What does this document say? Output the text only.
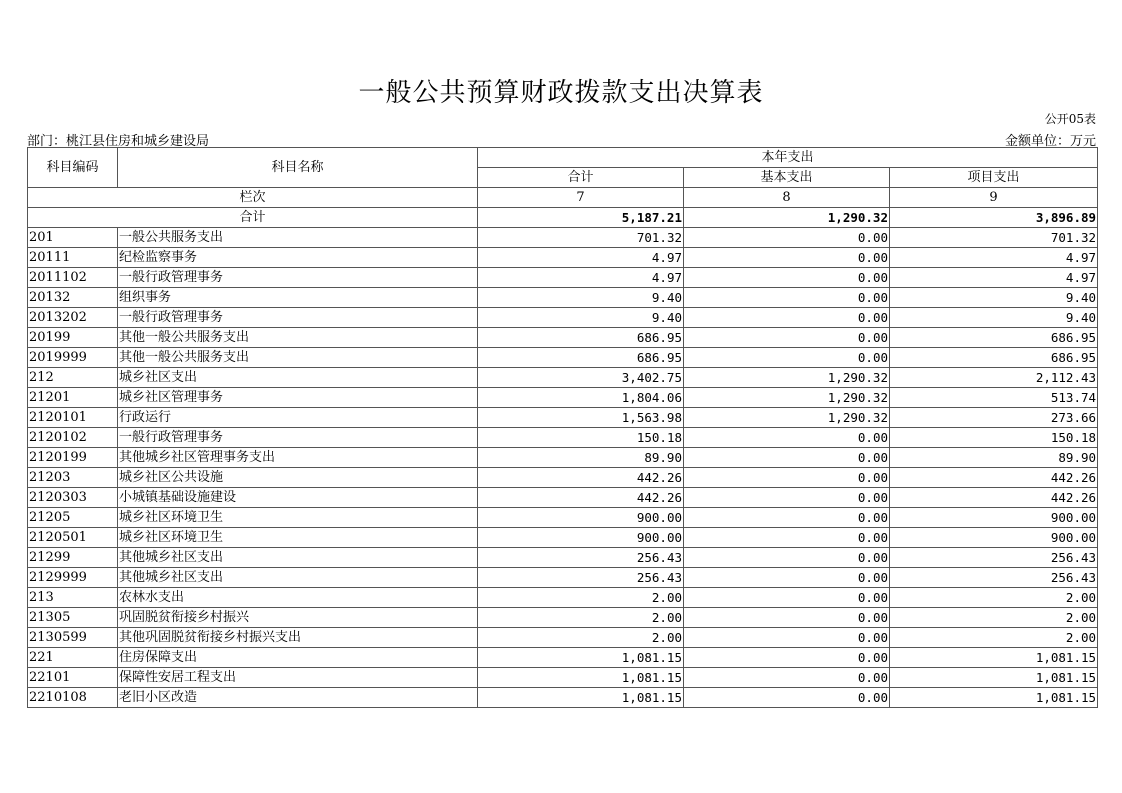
一般公共预算财政拨款支出决算表
公开05表
部门：桃江县住房和城乡建设局	金额单位：万元
科目编码	科目名称	本年支出		
		合计	基本支出	项目支出
栏次		7	8	9
合计		5,187.21	1,290.32	3,896.89
201	一般公共服务支出	701.32	0.00	701.32
20111	纪检监察事务	4.97	0.00	4.97
2011102	一般行政管理事务	4.97	0.00	4.97
20132	组织事务	9.40	0.00	9.40
2013202	一般行政管理事务	9.40	0.00	9.40
20199	其他一般公共服务支出	686.95	0.00	686.95
2019999	其他一般公共服务支出	686.95	0.00	686.95
212	城乡社区支出	3,402.75	1,290.32	2,112.43
21201	城乡社区管理事务	1,804.06	1,290.32	513.74
2120101	行政运行	1,563.98	1,290.32	273.66
2120102	一般行政管理事务	150.18	0.00	150.18
2120199	其他城乡社区管理事务支出	89.90	0.00	89.90
21203	城乡社区公共设施	442.26	0.00	442.26
2120303	小城镇基础设施建设	442.26	0.00	442.26
21205	城乡社区环境卫生	900.00	0.00	900.00
2120501	城乡社区环境卫生	900.00	0.00	900.00
21299	其他城乡社区支出	256.43	0.00	256.43
2129999	其他城乡社区支出	256.43	0.00	256.43
213	农林水支出	2.00	0.00	2.00
21305	巩固脱贫衔接乡村振兴	2.00	0.00	2.00
2130599	其他巩固脱贫衔接乡村振兴支出	2.00	0.00	2.00
221	住房保障支出	1,081.15	0.00	1,081.15
22101	保障性安居工程支出	1,081.15	0.00	1,081.15
2210108	老旧小区改造	1,081.15	0.00	1,081.15
